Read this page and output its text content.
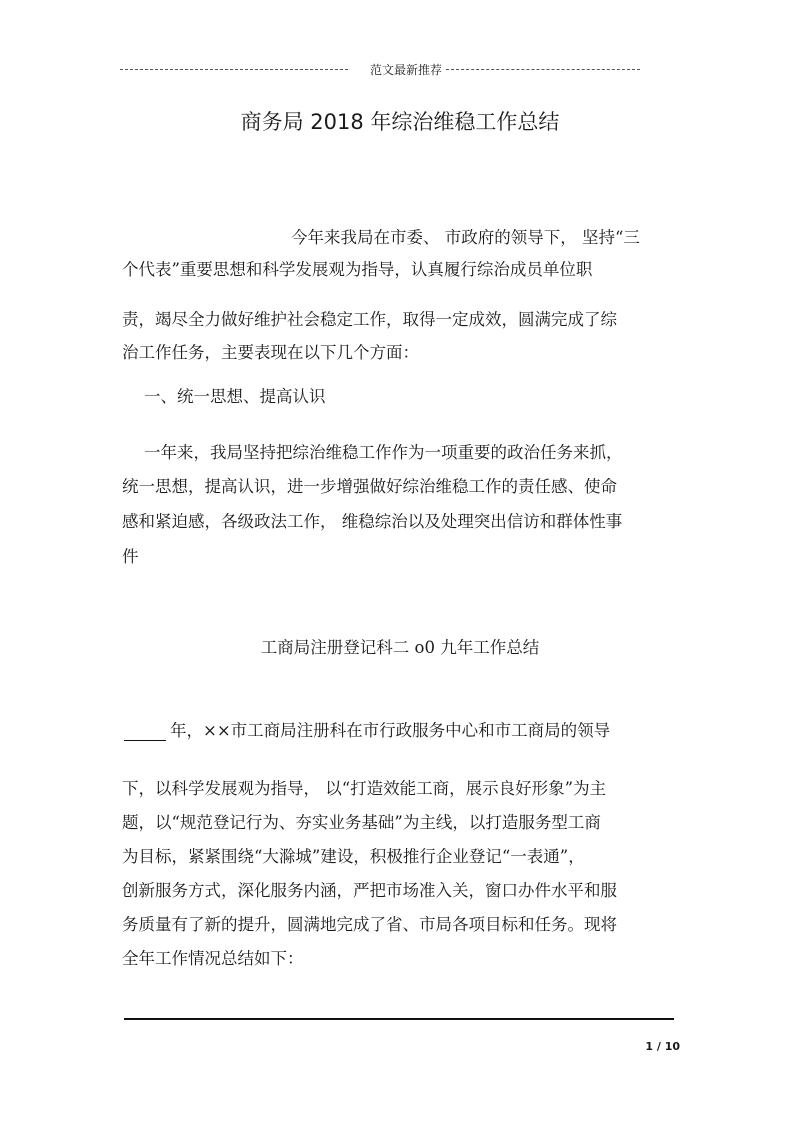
范文最新推荐
商务局 2018 年综治维稳工作总结
今年来我局在市委、 市政府的领导下， 坚持“三
个代表”重要思想和科学发展观为指导，认真履行综治成员单位职
责，竭尽全力做好维护社会稳定工作，取得一定成效，圆满完成了综
治工作任务，主要表现在以下几个方面：
一、统一思想、提高认识
一年来，我局坚持把综治维稳工作作为一项重要的政治任务来抓，
统一思想，提高认识，进一步增强做好综治维稳工作的责任感、使命
感和紧迫感，各级政法工作， 维稳综治以及处理突出信访和群体性事
件
工商局注册登记科二 o0 九年工作总结
年，××市工商局注册科在市行政服务中心和市工商局的领导
下，以科学发展观为指导， 以“打造效能工商，展示良好形象”为主
题，以“规范登记行为、夯实业务基础”为主线，以打造服务型工商
为目标，紧紧围绕“大滁城”建设，积极推行企业登记“一表通”，
创新服务方式，深化服务内涵，严把市场准入关，窗口办件水平和服
务质量有了新的提升，圆满地完成了省、市局各项目标和任务。现将
全年工作情况总结如下：
1 / 10
